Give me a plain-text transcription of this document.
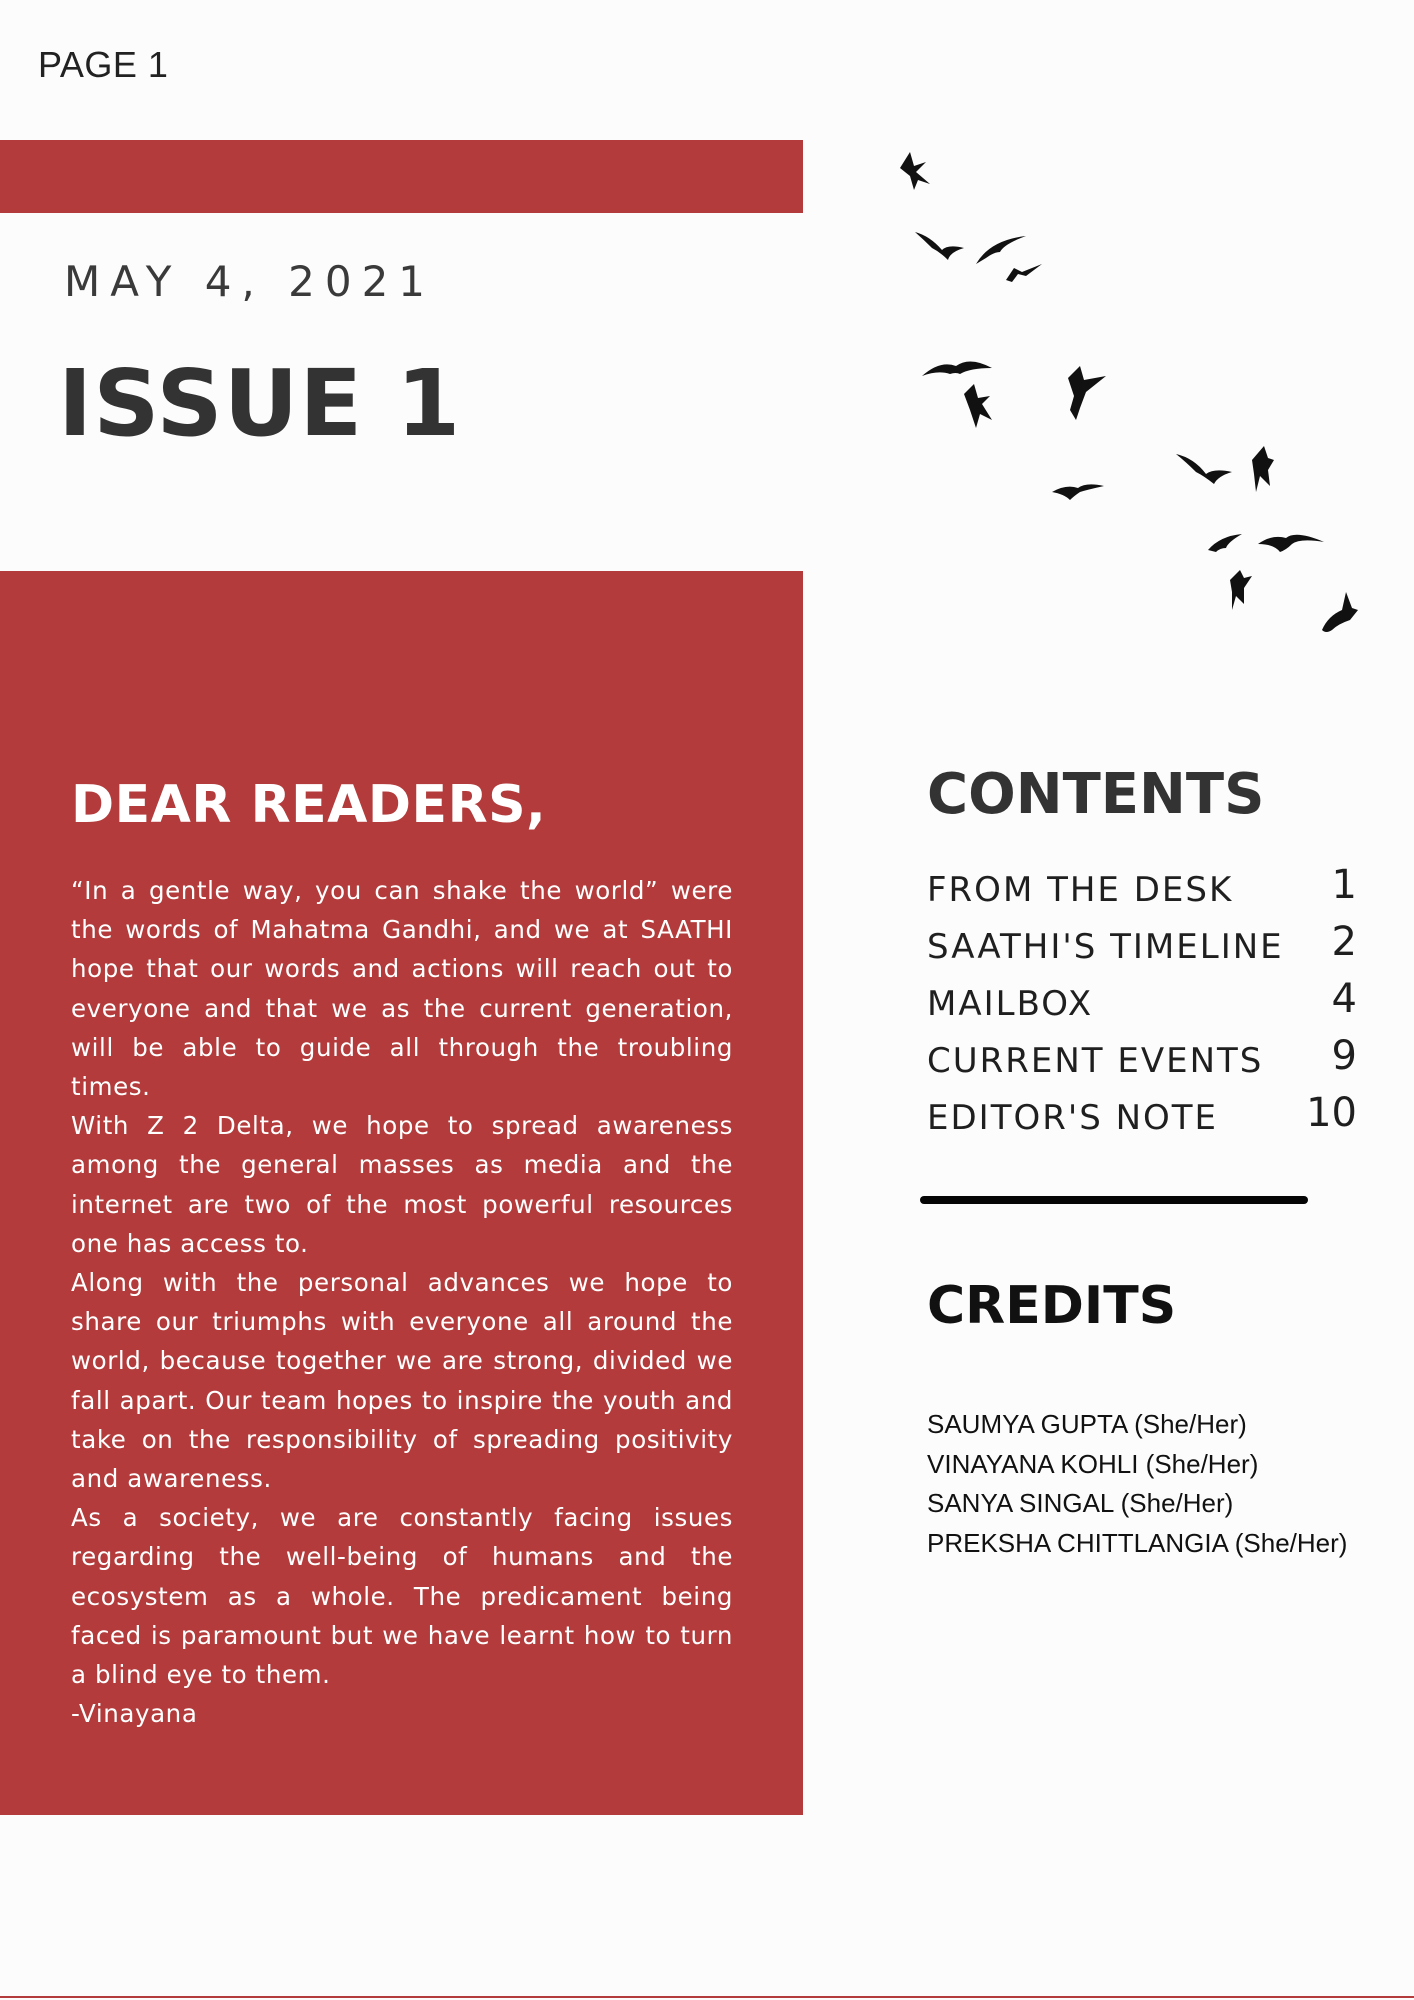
PAGE 1
MAY 4, 2021
ISSUE 1
DEAR READERS,

“In a gentle way, you can shake the world” were the words of Mahatma Gandhi, and we at SAATHI hope that our words and actions will reach out to everyone and that we as the current generation, will be able to guide all through the troubling times.

With Z 2 Delta, we hope to spread awareness among the general masses as media and the internet are two of the most powerful resources one has access to.

Along with the personal advances we hope to share our triumphs with everyone all around the world, because together we are strong, divided we fall apart. Our team hopes to inspire the youth and take on the responsibility of spreading positivity and awareness.

As a society, we are constantly facing issues regarding the well-being of humans and the ecosystem as a whole. The predicament being faced is paramount but we have learnt how to turn a blind eye to them.

-Vinayana

CONTENTS
FROM THE DESK 1
SAATHI'S TIMELINE 2
MAILBOX	4
CURRENT EVENTS 9
EDITOR'S NOTE 10
CREDITS
SAUMYA GUPTA (She/Her)
VINAYANA KOHLI (She/Her)
SANYA SINGAL (She/Her)
PREKSHA CHITTLANGIA (She/Her)
